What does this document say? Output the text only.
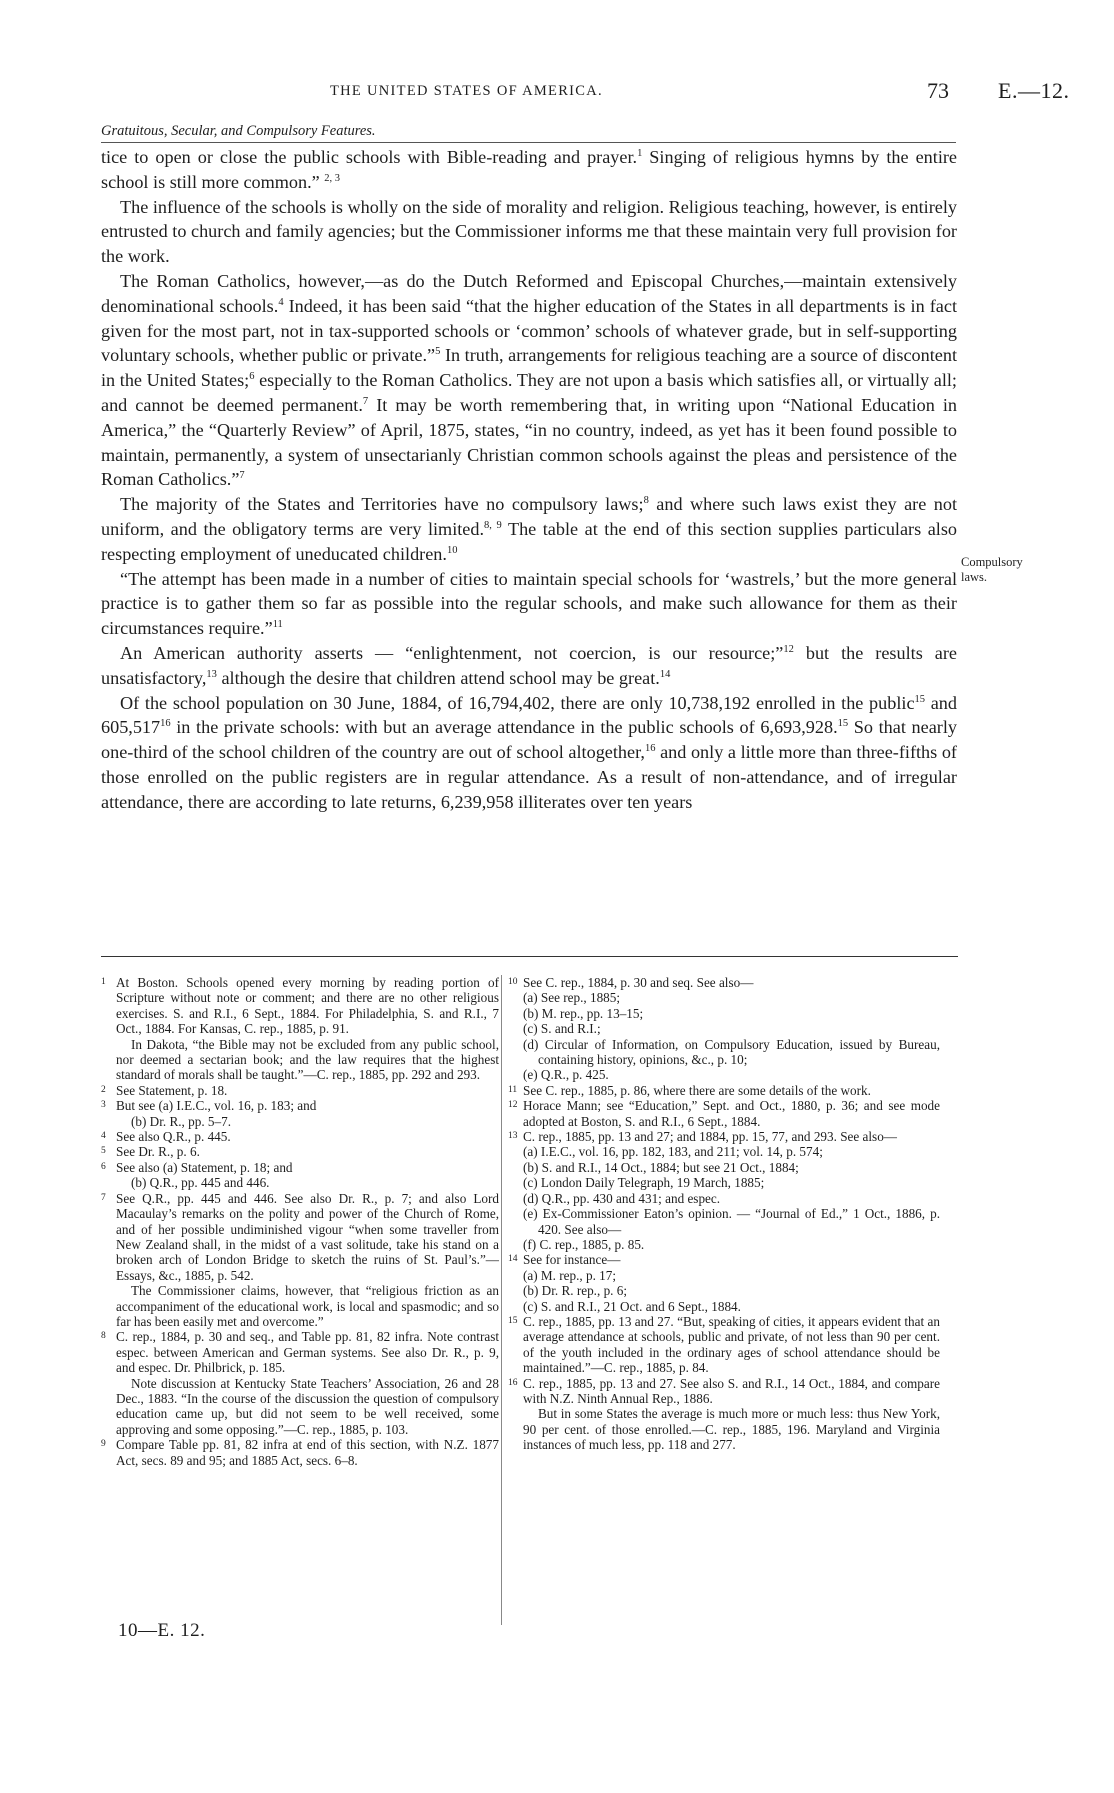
THE UNITED STATES OF AMERICA.	73 E.—12.
Gratuitous, Secular, and Compulsory Features.

tice to open or close the public schools with Bible-reading and prayer.$^1$ Singing of religious hymns by the entire school is still more common.” $^{2, 3}$

The influence of the schools is wholly on the side of morality and religion. Religious teaching, however, is entirely entrusted to church and family agencies; but the Commissioner informs me that these maintain very full provision for the work.

The Roman Catholics, however,—as do the Dutch Reformed and Episcopal Churches,—maintain extensively denominational schools.$^4$ Indeed, it has been said “that the higher education of the States in all departments is in fact given for the most part, not in tax-supported schools or ‘common’ schools of whatever grade, but in self-supporting voluntary schools, whether public or private.”$^5$ In truth, arrangements for religious teaching are a source of discontent in the United States;$^6$ especially to the Roman Catholics. They are not upon a basis which satisfies all, or virtually all; and cannot be deemed permanent.$^7$ It may be worth remembering that, in writing upon “National Education in America,” the “Quarterly Review” of April, 1875, states, “in no country, indeed, as yet has it been found possible to maintain, permanently, a system of unsectarianly Christian common schools against the pleas and persistence of the Roman Catholics.”$^7$

The majority of the States and Territories have no compulsory laws;$^8$ and where such laws exist they are not uniform, and the obligatory terms are very limited.$^{8, 9}$ The table at the end of this section supplies particulars also respecting employment of uneducated children.$^{10}$

“The attempt has been made in a number of cities to maintain special schools for ‘wastrels,’ but the more general practice is to gather them so far as possible into the regular schools, and make such allowance for them as their circumstances require.”$^{11}$

An American authority asserts — “enlightenment, not coercion, is our resource;”$^{12}$ but the results are unsatisfactory,$^{13}$ although the desire that children attend school may be great.$^{14}$

Of the school population on 30 June, 1884, of 16,794,402, there are only 10,738,192 enrolled in the public$^{15}$ and 605,517$^{16}$ in the private schools: with but an average attendance in the public schools of 6,693,928.15 So that nearly one-third of the school children of the country are out of school altogether,$^{16}$ and only a little more than three-fifths of those enrolled on the public registers are in regular attendance. As a result of non-attendance, and of irregular attendance, there are according to late returns, 6,239,958 illiterates over ten years

Compulsory laws.

1 At Boston. Schools opened every morning by reading portion of Scripture without note or comment; and there are no other religious exercises. S. and R.I., 6 Sept., 1884. For Philadelphia, S. and R.I., 7 Oct., 1884. For Kansas, C. rep., 1885, p. 91.

In Dakota, “the Bible may not be excluded from any public school, nor deemed a sectarian book; and the law requires that the highest standard of morals shall be taught.”—C. rep., 1885, pp. 292 and 293.

2 See Statement, p. 18.

3 But see (a) I.E.C., vol. 16, p. 183; and

(b) Dr. R., pp. 5–7.

4 See also Q.R., p. 445.

5 See Dr. R., p. 6.

6 See also (a) Statement, p. 18; and

(b) Q.R., pp. 445 and 446.

7 See Q.R., pp. 445 and 446. See also Dr. R., p. 7; and also Lord Macaulay’s remarks on the polity and power of the Church of Rome, and of her possible undiminished vigour “when some traveller from New Zealand shall, in the midst of a vast solitude, take his stand on a broken arch of London Bridge to sketch the ruins of St. Paul’s.”—Essays, &c., 1885, p. 542.

The Commissioner claims, however, that “religious friction as an accompaniment of the educational work, is local and spasmodic; and so far has been easily met and overcome.”

8 C. rep., 1884, p. 30 and seq., and Table pp. 81, 82 infra. Note contrast espec. between American and German systems. See also Dr. R., p. 9, and espec. Dr. Philbrick, p. 185.

Note discussion at Kentucky State Teachers’ Association, 26 and 28 Dec., 1883. “In the course of the discussion the question of compulsory education came up, but did not seem to be well received, some approving and some opposing.”—C. rep., 1885, p. 103.

9 Compare Table pp. 81, 82 infra at end of this section, with N.Z. 1877 Act, secs. 89 and 95; and 1885 Act, secs. 6–8.

10 See C. rep., 1884, p. 30 and seq. See also—

(a) See rep., 1885;

(b) M. rep., pp. 13–15;

(c) S. and R.I.;

(d) Circular of Information, on Compulsory Education, issued by Bureau, containing history, opinions, &c., p. 10;

(e) Q.R., p. 425.

11 See C. rep., 1885, p. 86, where there are some details of the work.

12 Horace Mann; see “Education,” Sept. and Oct., 1880, p. 36; and see mode adopted at Boston, S. and R.I., 6 Sept., 1884.

13 C. rep., 1885, pp. 13 and 27; and 1884, pp. 15, 77, and 293. See also—

(a) I.E.C., vol. 16, pp. 182, 183, and 211; vol. 14, p. 574;

(b) S. and R.I., 14 Oct., 1884; but see 21 Oct., 1884;

(c) London Daily Telegraph, 19 March, 1885;

(d) Q.R., pp. 430 and 431; and espec.

(e) Ex-Commissioner Eaton’s opinion. — “Journal of Ed.,” 1 Oct., 1886, p. 420. See also—

(f) C. rep., 1885, p. 85.

14 See for instance—

(a) M. rep., p. 17;

(b) Dr. R. rep., p. 6;

(c) S. and R.I., 21 Oct. and 6 Sept., 1884.

15 C. rep., 1885, pp. 13 and 27. “But, speaking of cities, it appears evident that an average attendance at schools, public and private, of not less than 90 per cent. of the youth included in the ordinary ages of school attendance should be maintained.”—C. rep., 1885, p. 84.

16 C. rep., 1885, pp. 13 and 27. See also S. and R.I., 14 Oct., 1884, and compare with N.Z. Ninth Annual Rep., 1886.

But in some States the average is much more or much less: thus New York, 90 per cent. of those enrolled.—C. rep., 1885, 196. Maryland and Virginia instances of much less, pp. 118 and 277.

10—E. 12.
